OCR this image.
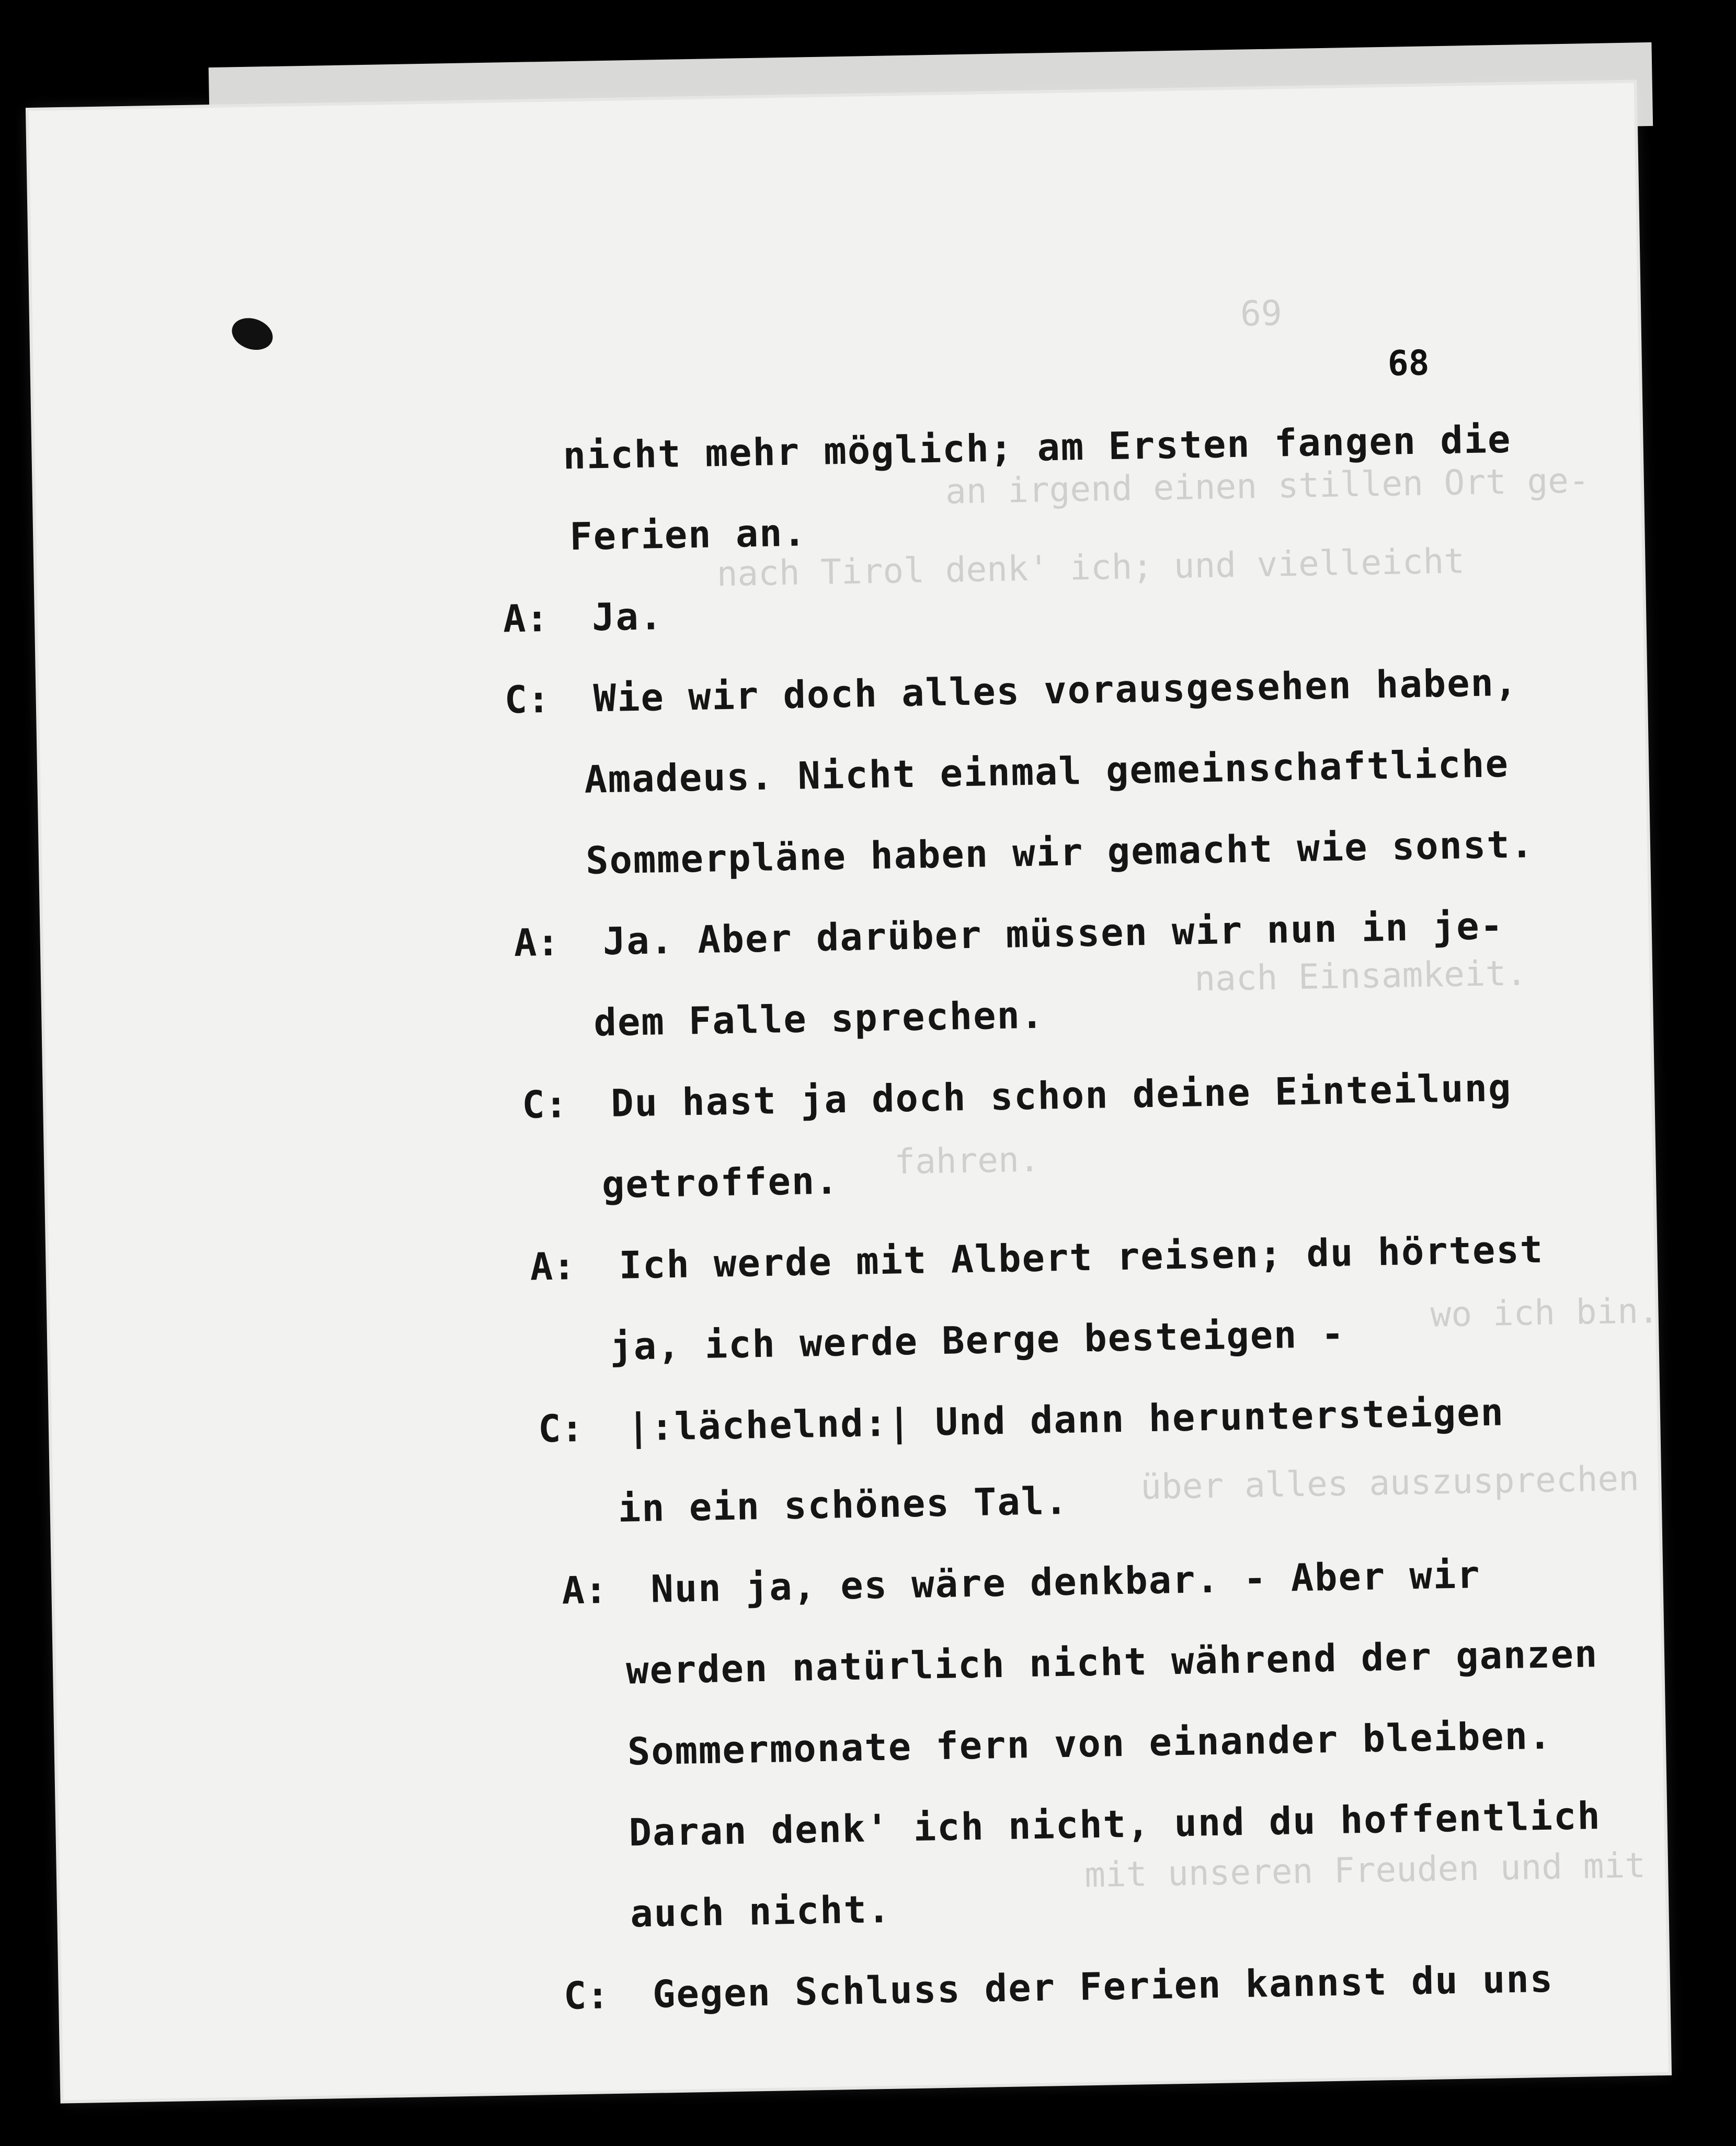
69
an irgend einen stillen Ort ge-
nach Tirol denk' ich; und vielleicht
nach Einsamkeit.
fahren.
wo ich bin.
über alles auszusprechen
mit unseren Freuden und mit
68
nicht mehr möglich; am Ersten fangen die
Ferien an.
A: Ja.
C: Wie wir doch alles vorausgesehen haben,
Amadeus. Nicht einmal gemeinschaftliche
Sommerpläne haben wir gemacht wie sonst.
A: Ja. Aber darüber müssen wir nun in je-
dem Falle sprechen.
C: Du hast ja doch schon deine Einteilung
getroffen.
A: Ich werde mit Albert reisen; du hörtest
ja, ich werde Berge besteigen -
C: |:lächelnd:| Und dann heruntersteigen
in ein schönes Tal.
A: Nun ja, es wäre denkbar. - Aber wir
werden natürlich nicht während der ganzen
Sommermonate fern von einander bleiben.
Daran denk' ich nicht, und du hoffentlich
auch nicht.
C: Gegen Schluss der Ferien kannst du uns
